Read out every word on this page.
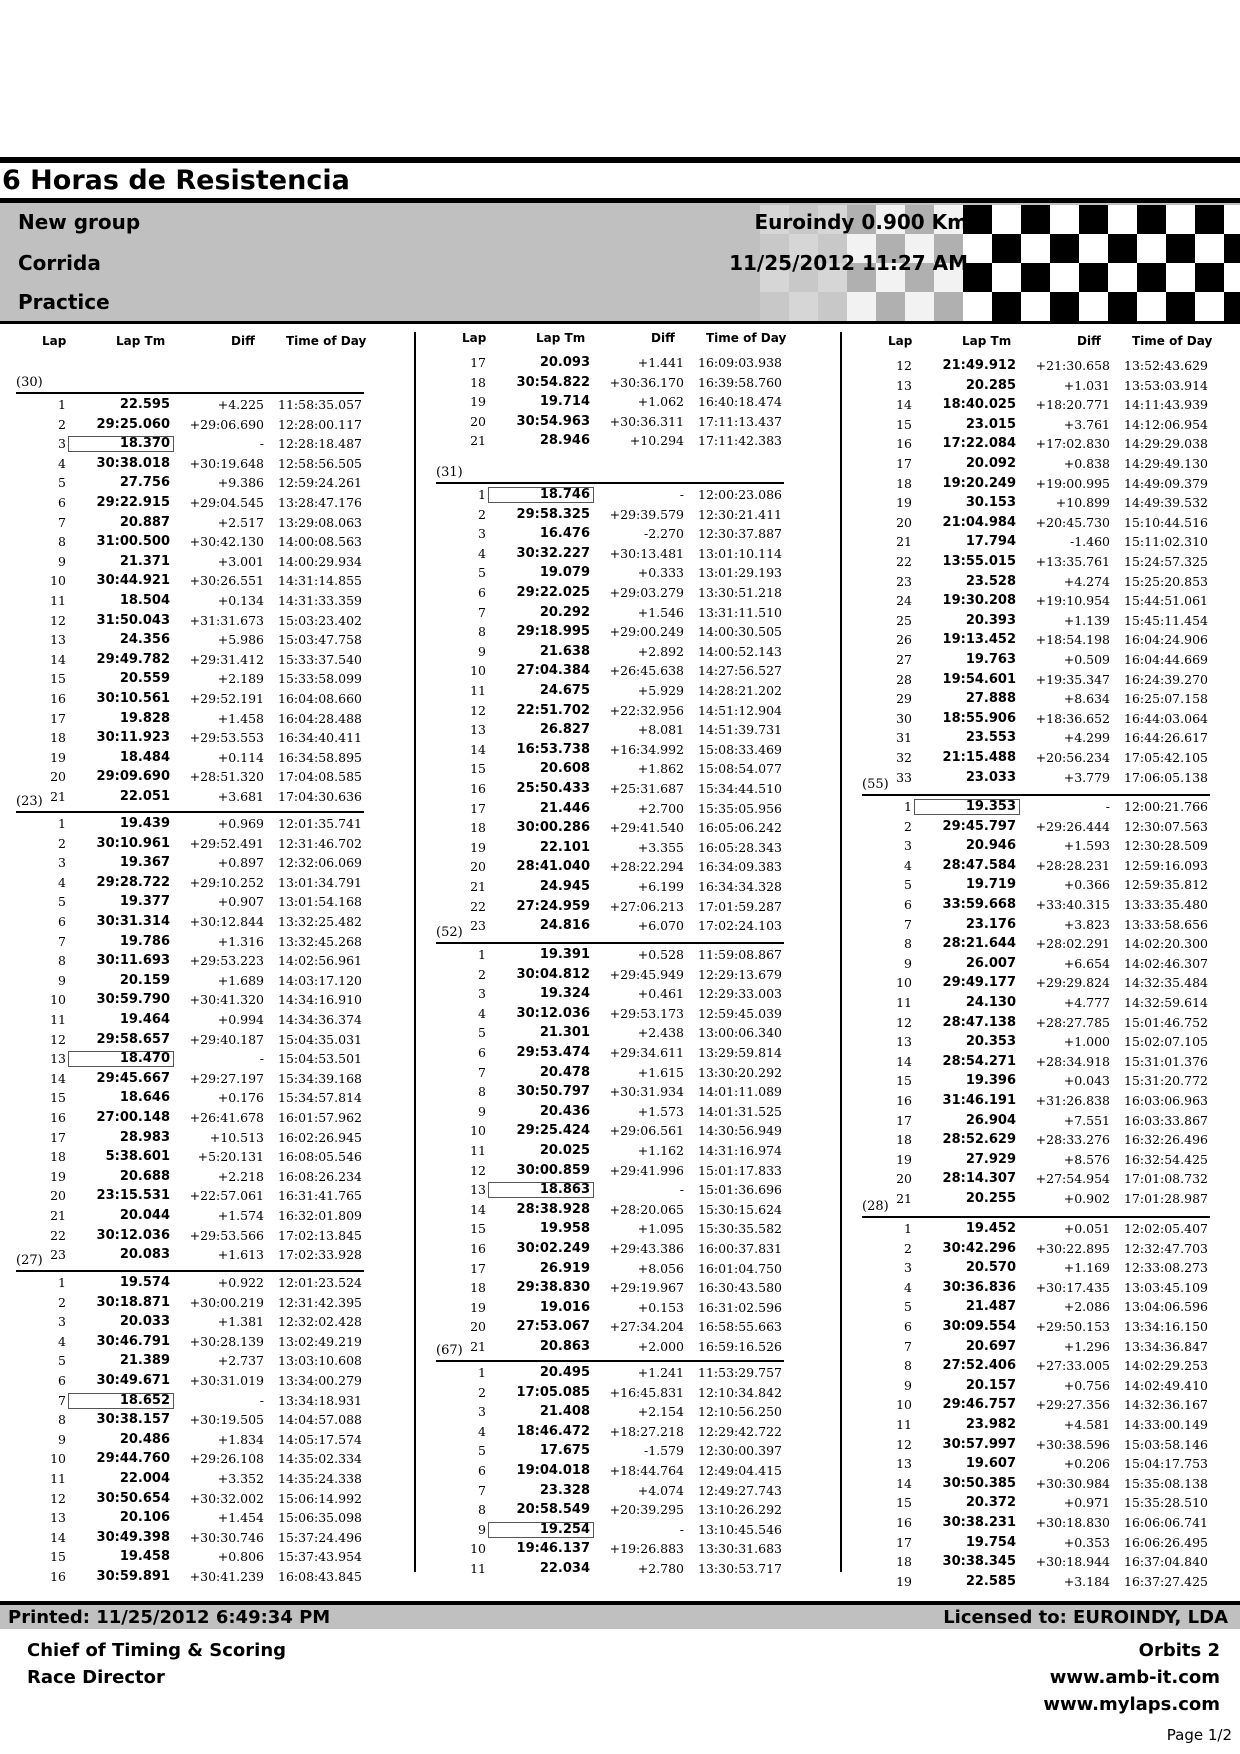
6 Horas de Resistencia
New group
Corrida
Practice
Euroindy 0.900 Km
11/25/2012 11:27 AM
Lap	Lap Tm	Diff	Time of Day	Lap	Lap Tm	Diff	Time of Day	Lap	Lap Tm	Diff	Time of Day
(30)
1	22.595	+4.225 11:58:35.057
2	29:25.060	+29:06.690 12:28:00.117
3	18.370	- 12:28:18.487
4	30:38.018	+30:19.648 12:58:56.505
5	27.756	+9.386 12:59:24.261
6	29:22.915	+29:04.545 13:28:47.176
7	20.887	+2.517 13:29:08.063
8	31:00.500	+30:42.130 14:00:08.563
9	21.371	+3.001 14:00:29.934
10	30:44.921	+30:26.551 14:31:14.855
11	18.504	+0.134 14:31:33.359
12	31:50.043	+31:31.673 15:03:23.402
13	24.356	+5.986 15:03:47.758
14	29:49.782	+29:31.412 15:33:37.540
15	20.559	+2.189 15:33:58.099
16	30:10.561	+29:52.191 16:04:08.660
17	19.828	+1.458 16:04:28.488
18	30:11.923	+29:53.553 16:34:40.411
19	18.484	+0.114 16:34:58.895
20	29:09.690	+28:51.320 17:04:08.585
21	22.051	+3.681 17:04:30.636
(23)
1	19.439	+0.969 12:01:35.741
2	30:10.961	+29:52.491 12:31:46.702
3	19.367	+0.897 12:32:06.069
4	29:28.722	+29:10.252 13:01:34.791
5	19.377	+0.907 13:01:54.168
6	30:31.314	+30:12.844 13:32:25.482
7	19.786	+1.316 13:32:45.268
8	30:11.693	+29:53.223 14:02:56.961
9	20.159	+1.689 14:03:17.120
10	30:59.790	+30:41.320 14:34:16.910
11	19.464	+0.994 14:34:36.374
12	29:58.657	+29:40.187 15:04:35.031
13	18.470	- 15:04:53.501
14	29:45.667	+29:27.197 15:34:39.168
15	18.646	+0.176 15:34:57.814
16	27:00.148	+26:41.678 16:01:57.962
17	28.983	+10.513 16:02:26.945
18	5:38.601	+5:20.131 16:08:05.546
19	20.688	+2.218 16:08:26.234
20	23:15.531	+22:57.061 16:31:41.765
21	20.044	+1.574 16:32:01.809
22	30:12.036	+29:53.566 17:02:13.845
23	20.083	+1.613 17:02:33.928
(27)
1	19.574	+0.922 12:01:23.524
2	30:18.871	+30:00.219 12:31:42.395
3	20.033	+1.381 12:32:02.428
4	30:46.791	+30:28.139 13:02:49.219
5	21.389	+2.737 13:03:10.608
6	30:49.671	+30:31.019 13:34:00.279
7	18.652	- 13:34:18.931
8	30:38.157	+30:19.505 14:04:57.088
9	20.486	+1.834 14:05:17.574
10	29:44.760	+29:26.108 14:35:02.334
11	22.004	+3.352 14:35:24.338
12	30:50.654	+30:32.002 15:06:14.992
13	20.106	+1.454 15:06:35.098
14	30:49.398	+30:30.746 15:37:24.496
15	19.458	+0.806 15:37:43.954
16	30:59.891	+30:41.239 16:08:43.845
17	20.093	+1.441 16:09:03.938
18	30:54.822	+30:36.170 16:39:58.760
19	19.714	+1.062 16:40:18.474
20	30:54.963	+30:36.311 17:11:13.437
21	28.946	+10.294 17:11:42.383
(31)
1	18.746	- 12:00:23.086
2	29:58.325	+29:39.579 12:30:21.411
3	16.476	-2.270 12:30:37.887
4	30:32.227	+30:13.481 13:01:10.114
5	19.079	+0.333 13:01:29.193
6	29:22.025	+29:03.279 13:30:51.218
7	20.292	+1.546 13:31:11.510
8	29:18.995	+29:00.249 14:00:30.505
9	21.638	+2.892 14:00:52.143
10	27:04.384	+26:45.638 14:27:56.527
11	24.675	+5.929 14:28:21.202
12	22:51.702	+22:32.956 14:51:12.904
13	26.827	+8.081 14:51:39.731
14	16:53.738	+16:34.992 15:08:33.469
15	20.608	+1.862 15:08:54.077
16	25:50.433	+25:31.687 15:34:44.510
17	21.446	+2.700 15:35:05.956
18	30:00.286	+29:41.540 16:05:06.242
19	22.101	+3.355 16:05:28.343
20	28:41.040	+28:22.294 16:34:09.383
21	24.945	+6.199 16:34:34.328
22	27:24.959	+27:06.213 17:01:59.287
23	24.816	+6.070 17:02:24.103
(52)
1	19.391	+0.528 11:59:08.867
2	30:04.812	+29:45.949 12:29:13.679
3	19.324	+0.461 12:29:33.003
4	30:12.036	+29:53.173 12:59:45.039
5	21.301	+2.438 13:00:06.340
6	29:53.474	+29:34.611 13:29:59.814
7	20.478	+1.615 13:30:20.292
8	30:50.797	+30:31.934 14:01:11.089
9	20.436	+1.573 14:01:31.525
10	29:25.424	+29:06.561 14:30:56.949
11	20.025	+1.162 14:31:16.974
12	30:00.859	+29:41.996 15:01:17.833
13	18.863	- 15:01:36.696
14	28:38.928	+28:20.065 15:30:15.624
15	19.958	+1.095 15:30:35.582
16	30:02.249	+29:43.386 16:00:37.831
17	26.919	+8.056 16:01:04.750
18	29:38.830	+29:19.967 16:30:43.580
19	19.016	+0.153 16:31:02.596
20	27:53.067	+27:34.204 16:58:55.663
21	20.863	+2.000 16:59:16.526
(67)
1	20.495	+1.241 11:53:29.757
2	17:05.085	+16:45.831 12:10:34.842
3	21.408	+2.154 12:10:56.250
4	18:46.472	+18:27.218 12:29:42.722
5	17.675	-1.579 12:30:00.397
6	19:04.018	+18:44.764 12:49:04.415
7	23.328	+4.074 12:49:27.743
8	20:58.549	+20:39.295 13:10:26.292
9	19.254	- 13:10:45.546
10	19:46.137	+19:26.883 13:30:31.683
11	22.034	+2.780 13:30:53.717
12	21:49.912	+21:30.658 13:52:43.629
13	20.285	+1.031 13:53:03.914
14	18:40.025	+18:20.771 14:11:43.939
15	23.015	+3.761 14:12:06.954
16	17:22.084	+17:02.830 14:29:29.038
17	20.092	+0.838 14:29:49.130
18	19:20.249	+19:00.995 14:49:09.379
19	30.153	+10.899 14:49:39.532
20	21:04.984	+20:45.730 15:10:44.516
21	17.794	-1.460 15:11:02.310
22	13:55.015	+13:35.761 15:24:57.325
23	23.528	+4.274 15:25:20.853
24	19:30.208	+19:10.954 15:44:51.061
25	20.393	+1.139 15:45:11.454
26	19:13.452	+18:54.198 16:04:24.906
27	19.763	+0.509 16:04:44.669
28	19:54.601	+19:35.347 16:24:39.270
29	27.888	+8.634 16:25:07.158
30	18:55.906	+18:36.652 16:44:03.064
31	23.553	+4.299 16:44:26.617
32	21:15.488	+20:56.234 17:05:42.105
33	23.033	+3.779 17:06:05.138
(55)
1	19.353	- 12:00:21.766
2	29:45.797	+29:26.444 12:30:07.563
3	20.946	+1.593 12:30:28.509
4	28:47.584	+28:28.231 12:59:16.093
5	19.719	+0.366 12:59:35.812
6	33:59.668	+33:40.315 13:33:35.480
7	23.176	+3.823 13:33:58.656
8	28:21.644	+28:02.291 14:02:20.300
9	26.007	+6.654 14:02:46.307
10	29:49.177	+29:29.824 14:32:35.484
11	24.130	+4.777 14:32:59.614
12	28:47.138	+28:27.785 15:01:46.752
13	20.353	+1.000 15:02:07.105
14	28:54.271	+28:34.918 15:31:01.376
15	19.396	+0.043 15:31:20.772
16	31:46.191	+31:26.838 16:03:06.963
17	26.904	+7.551 16:03:33.867
18	28:52.629	+28:33.276 16:32:26.496
19	27.929	+8.576 16:32:54.425
20	28:14.307	+27:54.954 17:01:08.732
21	20.255	+0.902 17:01:28.987
(28)
1	19.452	+0.051 12:02:05.407
2	30:42.296	+30:22.895 12:32:47.703
3	20.570	+1.169 12:33:08.273
4	30:36.836	+30:17.435 13:03:45.109
5	21.487	+2.086 13:04:06.596
6	30:09.554	+29:50.153 13:34:16.150
7	20.697	+1.296 13:34:36.847
8	27:52.406	+27:33.005 14:02:29.253
9	20.157	+0.756 14:02:49.410
10	29:46.757	+29:27.356 14:32:36.167
11	23.982	+4.581 14:33:00.149
12	30:57.997	+30:38.596 15:03:58.146
13	19.607	+0.206 15:04:17.753
14	30:50.385	+30:30.984 15:35:08.138
15	20.372	+0.971 15:35:28.510
16	30:38.231	+30:18.830 16:06:06.741
17	19.754	+0.353 16:06:26.495
18	30:38.345	+30:18.944 16:37:04.840
19	22.585	+3.184 16:37:27.425
Printed: 11/25/2012 6:49:34 PM	Licensed to: EUROINDY, LDA
Chief of Timing & Scoring
Race Director
Orbits 2
www.amb-it.com
www.mylaps.com
Page 1/2
